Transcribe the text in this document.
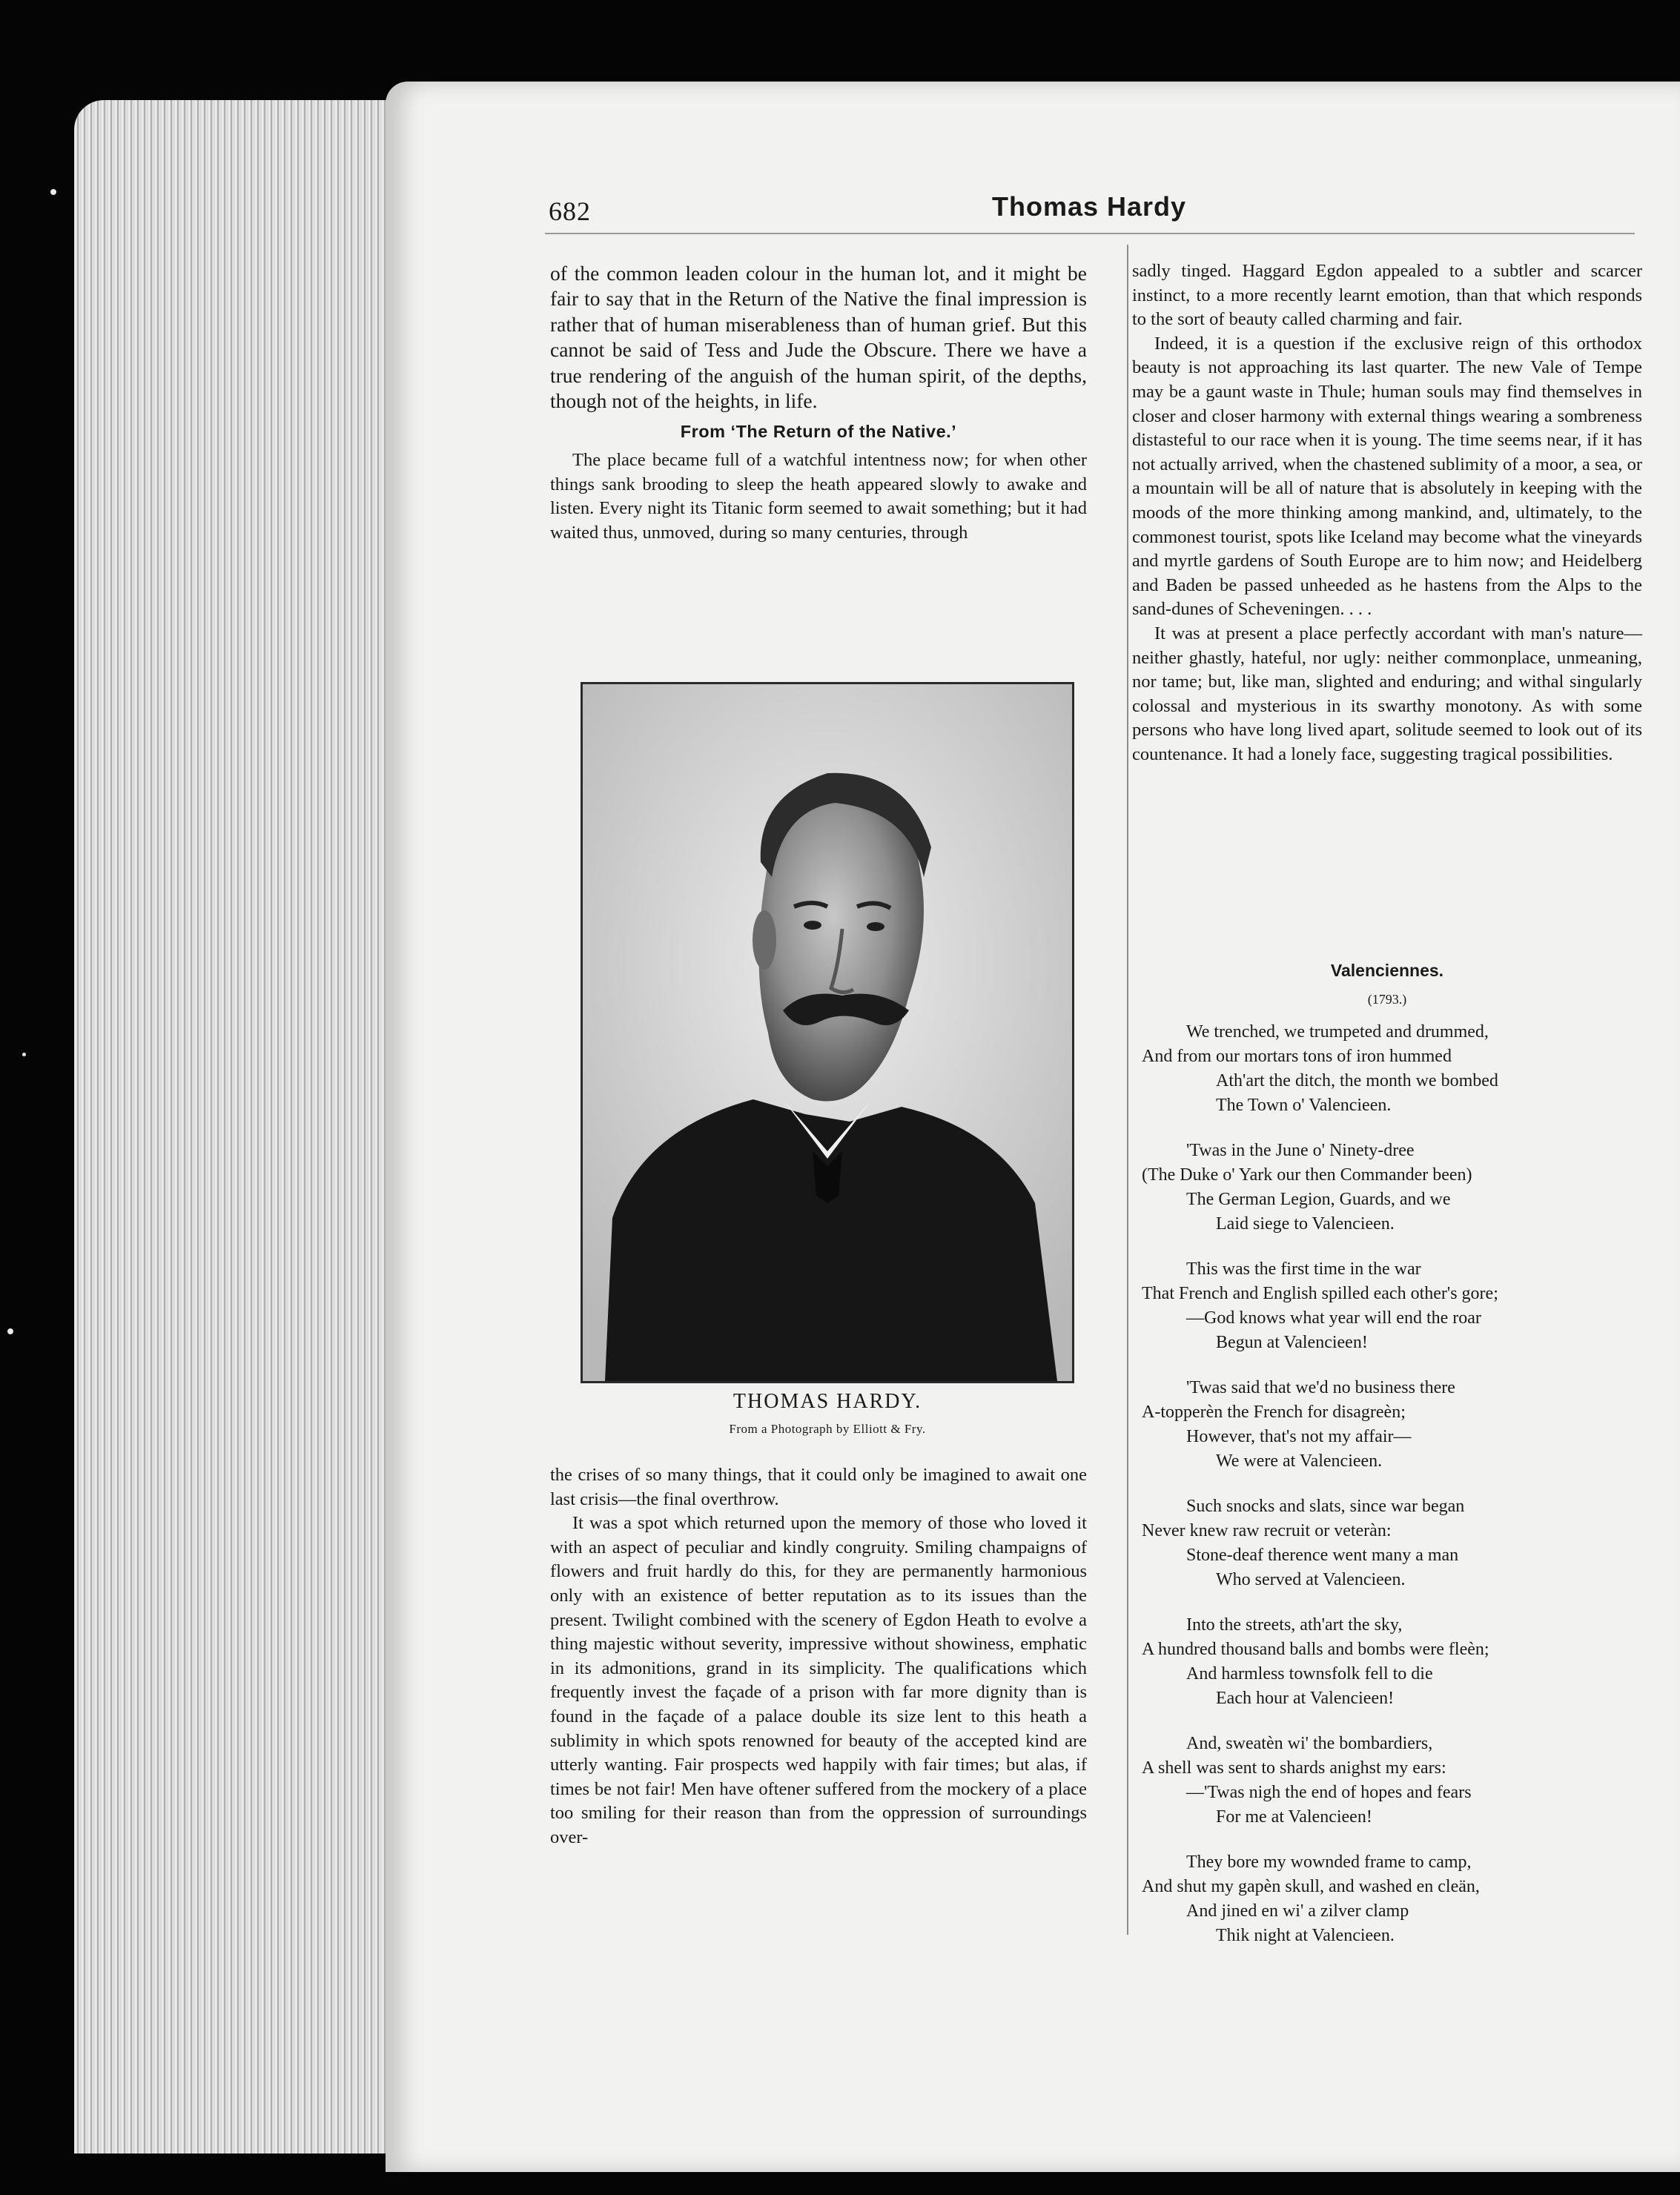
682	Thomas Hardy

of the common leaden colour in the human lot, and it might be fair to say that in the Return of the Native the final impression is rather that of human miserableness than of human grief. But this cannot be said of Tess and Jude the Obscure. There we have a true rendering of the anguish of the human spirit, of the depths, though not of the heights, in life.

From ‘The Return of the Native.’

The place became full of a watchful intentness now; for when other things sank brooding to sleep the heath appeared slowly to awake and listen. Every night its Titanic form seemed to await something; but it had waited thus, unmoved, during so many centuries, through

THOMAS HARDY.
From a Photograph by Elliott & Fry.

the crises of so many things, that it could only be imagined to await one last crisis—the final overthrow.

It was a spot which returned upon the memory of those who loved it with an aspect of peculiar and kindly congruity. Smiling champaigns of flowers and fruit hardly do this, for they are permanently harmonious only with an existence of better reputation as to its issues than the present. Twilight combined with the scenery of Egdon Heath to evolve a thing majestic without severity, impressive without showiness, emphatic in its admonitions, grand in its simplicity. The qualifications which frequently invest the façade of a prison with far more dignity than is found in the façade of a palace double its size lent to this heath a sublimity in which spots renowned for beauty of the accepted kind are utterly wanting. Fair prospects wed happily with fair times; but alas, if times be not fair! Men have oftener suffered from the mockery of a place too smiling for their reason than from the oppression of surroundings over-

sadly tinged. Haggard Egdon appealed to a subtler and scarcer instinct, to a more recently learnt emotion, than that which responds to the sort of beauty called charming and fair.

Indeed, it is a question if the exclusive reign of this orthodox beauty is not approaching its last quarter. The new Vale of Tempe may be a gaunt waste in Thule; human souls may find themselves in closer and closer harmony with external things wearing a sombreness distasteful to our race when it is young. The time seems near, if it has not actually arrived, when the chastened sublimity of a moor, a sea, or a mountain will be all of nature that is absolutely in keeping with the moods of the more thinking among mankind, and, ultimately, to the commonest tourist, spots like Iceland may become what the vineyards and myrtle gardens of South Europe are to him now; and Heidelberg and Baden be passed unheeded as he hastens from the Alps to the sand-dunes of Scheveningen. . . .

It was at present a place perfectly accordant with man's nature—neither ghastly, hateful, nor ugly: neither commonplace, unmeaning, nor tame; but, like man, slighted and enduring; and withal singularly colossal and mysterious in its swarthy monotony. As with some persons who have long lived apart, solitude seemed to look out of its countenance. It had a lonely face, suggesting tragical possibilities.

Valenciennes.
(1793.)
We trenched, we trumpeted and drummed,
And from our mortars tons of iron hummed
Ath'art the ditch, the month we bombed
The Town o' Valencieen.
'Twas in the June o' Ninety-dree
(The Duke o' Yark our then Commander been)
The German Legion, Guards, and we
Laid siege to Valencieen.
This was the first time in the war
That French and English spilled each other's gore;
—God knows what year will end the roar
Begun at Valencieen!
'Twas said that we'd no business there
A-topperèn the French for disagreèn;
However, that's not my affair—
We were at Valencieen.
Such snocks and slats, since war began
Never knew raw recruit or veteràn:
Stone-deaf therence went many a man
Who served at Valencieen.
Into the streets, ath'art the sky,
A hundred thousand balls and bombs were fleèn;
And harmless townsfolk fell to die
Each hour at Valencieen!
And, sweatèn wi' the bombardiers,
A shell was sent to shards anighst my ears:
—'Twas nigh the end of hopes and fears
For me at Valencieen!
They bore my wownded frame to camp,
And shut my gapèn skull, and washed en cleän,
And jined en wi' a zilver clamp
Thik night at Valencieen.
